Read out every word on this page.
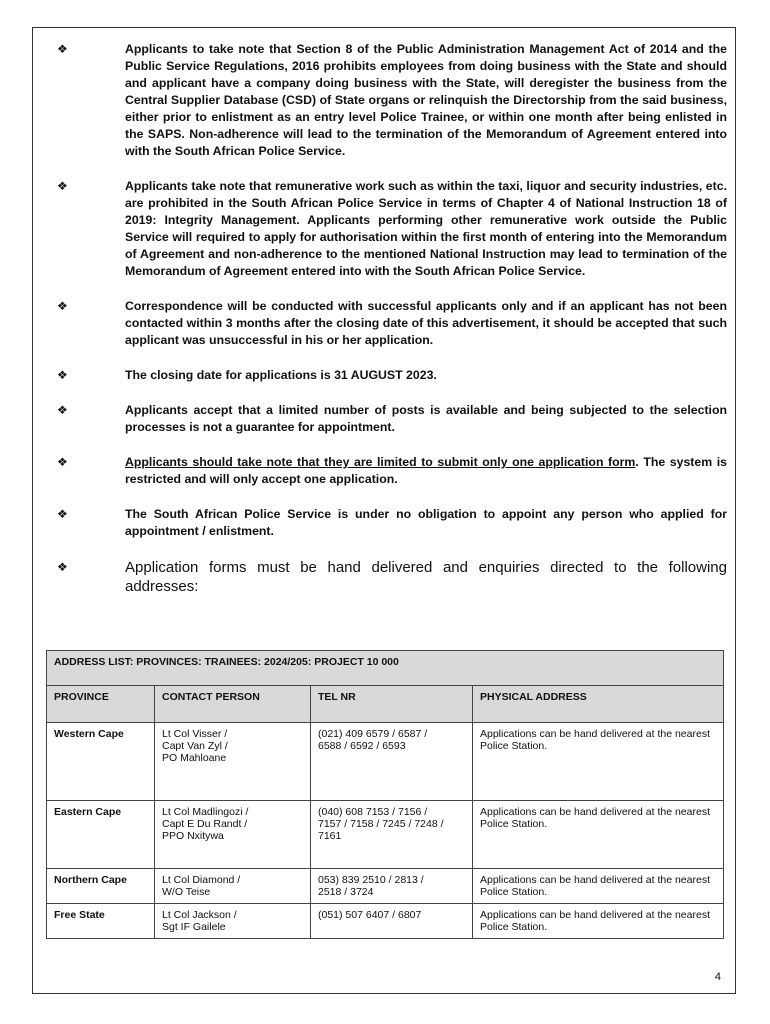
❖	Applicants to take note that Section 8 of the Public Administration Management Act of 2014 and the Public Service Regulations, 2016 prohibits employees from doing business with the State and should and applicant have a company doing business with the State, will deregister the business from the Central Supplier Database (CSD) of State organs or relinquish the Directorship from the said business, either prior to enlistment as an entry level Police Trainee, or within one month after being enlisted in the SAPS. Non-adherence will lead to the termination of the Memorandum of Agreement entered into with the South African Police Service.
❖	Applicants take note that remunerative work such as within the taxi, liquor and security industries, etc. are prohibited in the South African Police Service in terms of Chapter 4 of National Instruction 18 of 2019: Integrity Management. Applicants performing other remunerative work outside the Public Service will required to apply for authorisation within the first month of entering into the Memorandum of Agreement and non-adherence to the mentioned National Instruction may lead to termination of the Memorandum of Agreement entered into with the South African Police Service.
❖	Correspondence will be conducted with successful applicants only and if an applicant has not been contacted within 3 months after the closing date of this advertisement, it should be accepted that such applicant was unsuccessful in his or her application.
❖	The closing date for applications is 31 AUGUST 2023.
❖	Applicants accept that a limited number of posts is available and being subjected to the selection processes is not a guarantee for appointment.
❖	Applicants should take note that they are limited to submit only one application form. The system is restricted and will only accept one application.
❖	The South African Police Service is under no obligation to appoint any person who applied for appointment / enlistment.
❖	Application forms must be hand delivered and enquiries directed to the following addresses:
ADDRESS LIST: PROVINCES: TRAINEES: 2024/205: PROJECT 10 000			
PROVINCE	CONTACT PERSON	TEL NR	PHYSICAL ADDRESS
Western Cape	Lt Col Visser /
Capt Van Zyl /
PO Mahloane	(021) 409 6579 / 6587 /
6588 / 6592 / 6593	Applications can be hand delivered at the nearest Police Station.
Eastern Cape	Lt Col Madlingozi /
Capt E Du Randt /
PPO Nxitywa	(040) 608 7153 / 7156 /
7157 / 7158 / 7245 / 7248 /
7161	Applications can be hand delivered at the nearest Police Station.
Northern Cape	Lt Col Diamond /
W/O Teise	053) 839 2510 / 2813 /
2518 / 3724	Applications can be hand delivered at the nearest Police Station.
Free State	Lt Col Jackson /
Sgt IF Gailele	(051) 507 6407 / 6807	Applications can be hand delivered at the nearest Police Station.
4
